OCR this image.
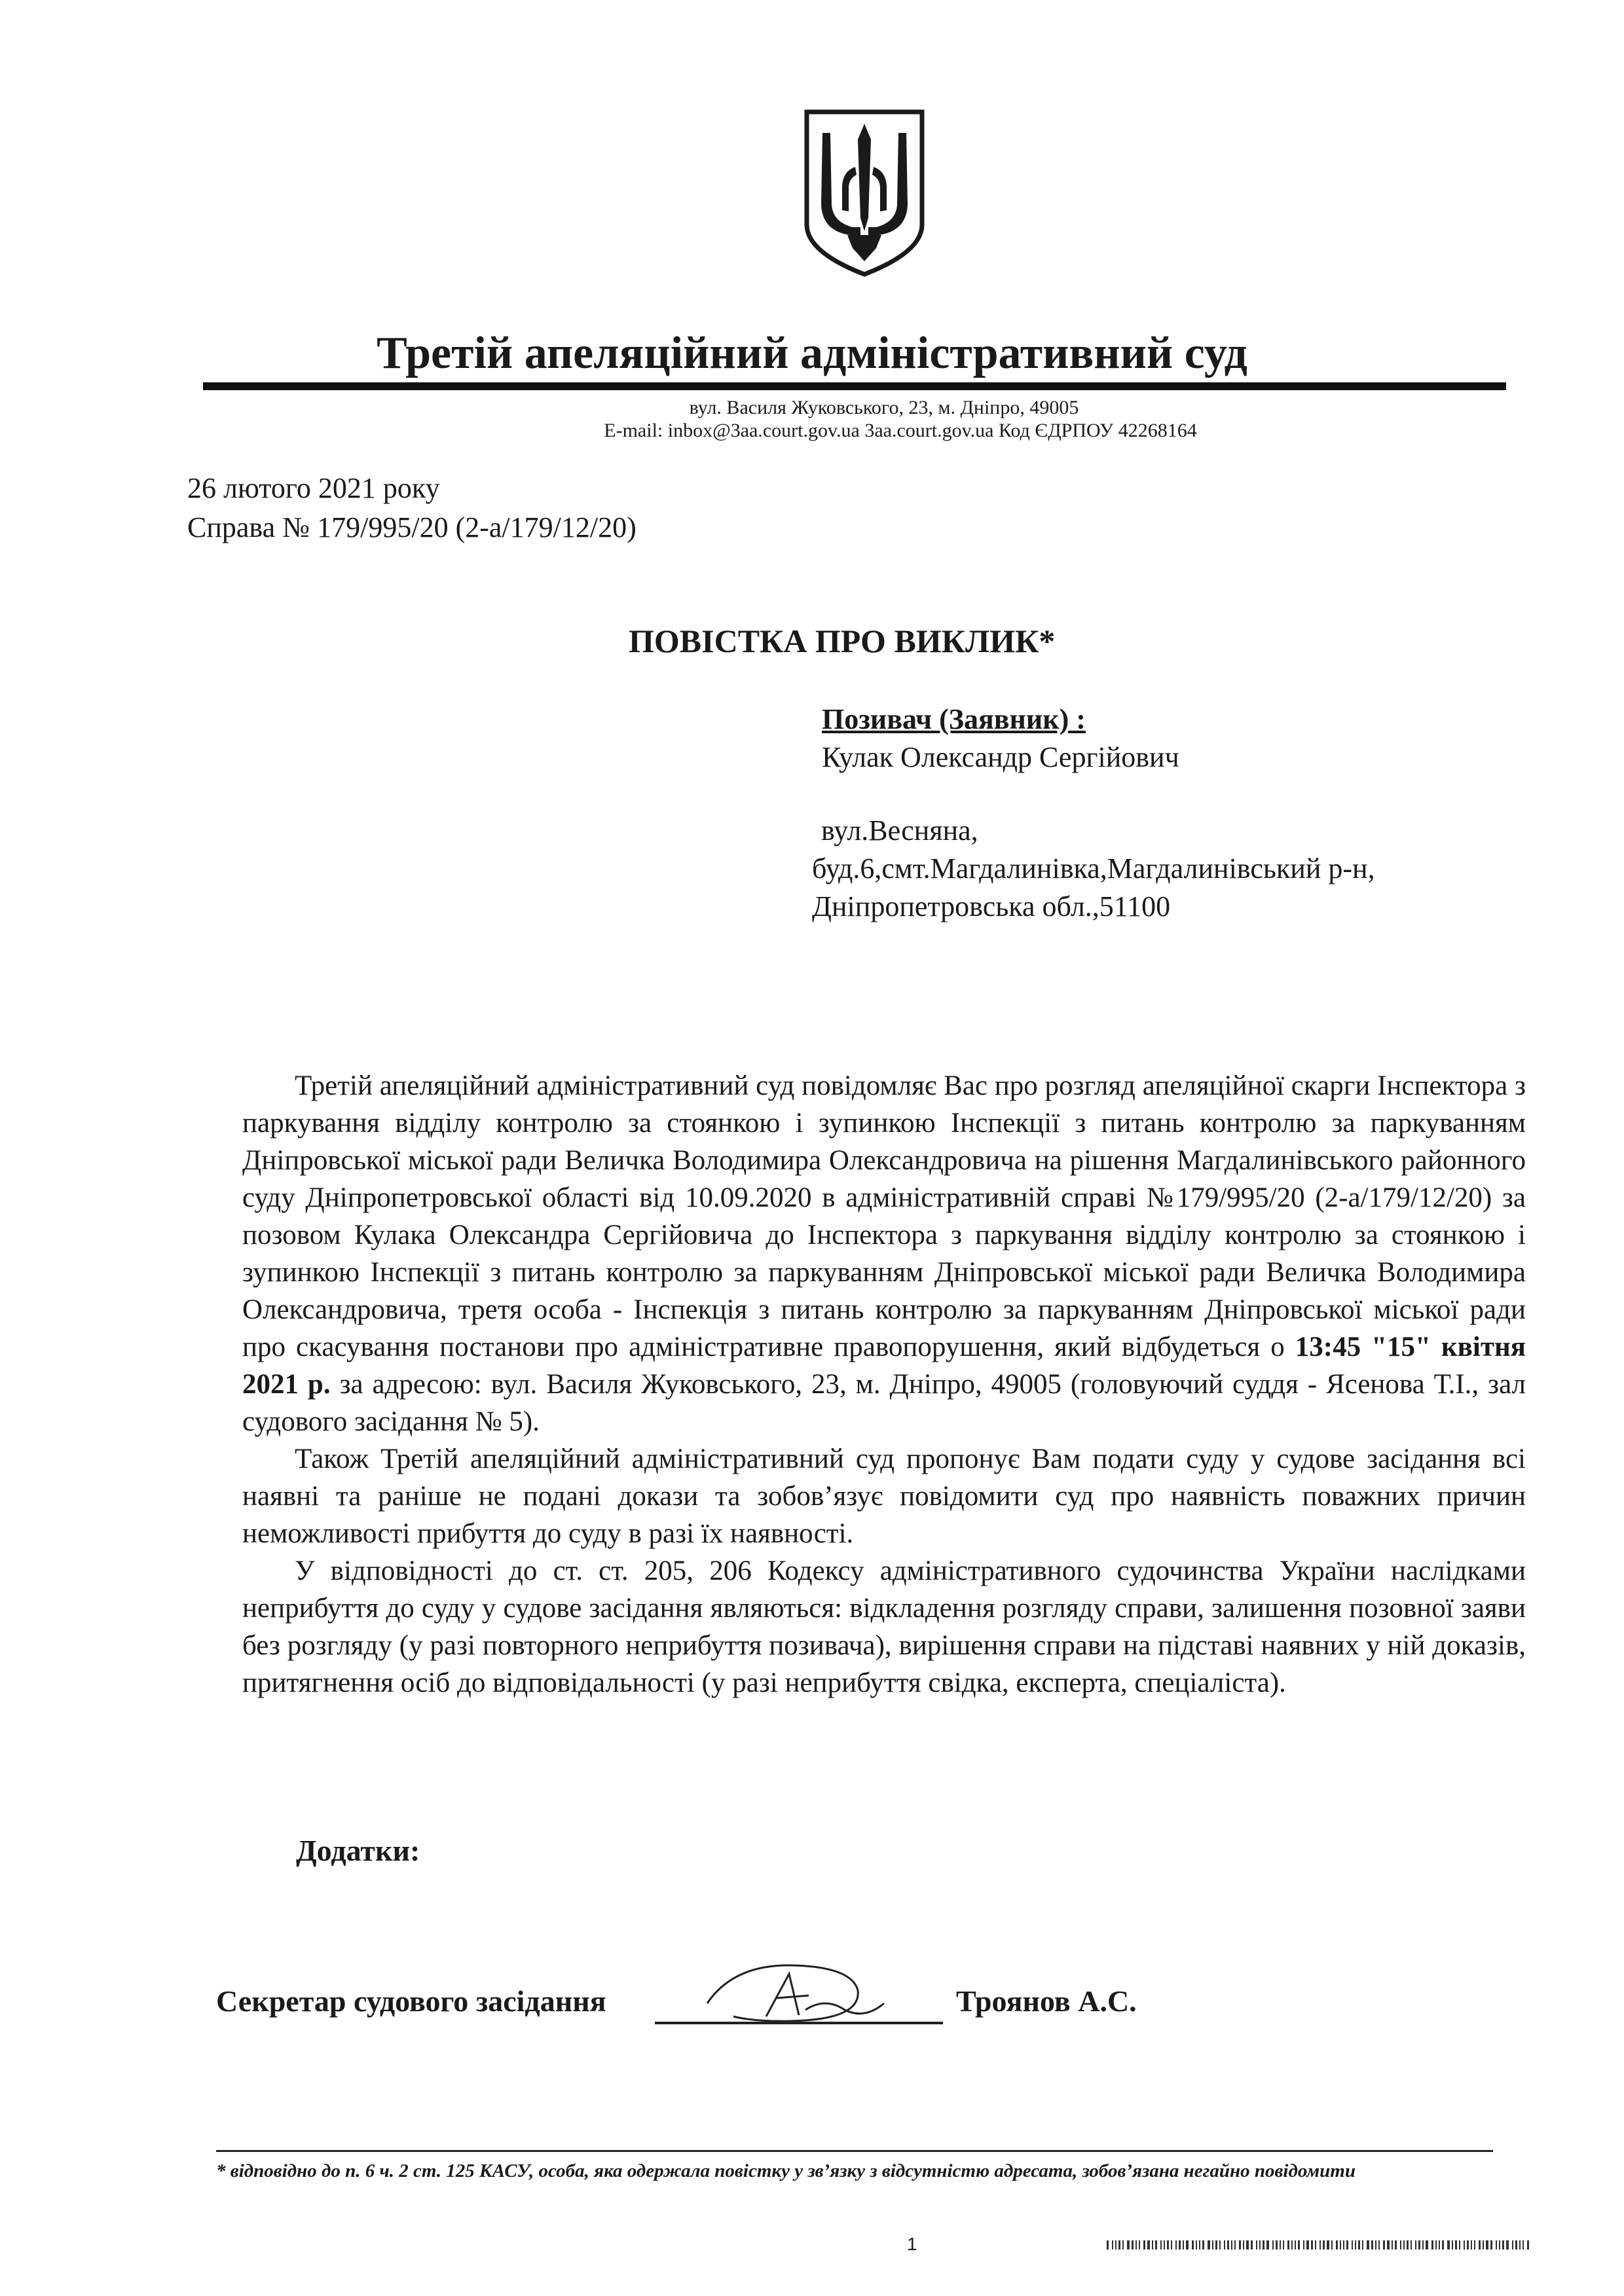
Третій апеляційний адміністративний суд
вул. Василя Жуковського, 23, м. Дніпро, 49005
E-mail: inbox@3aa.court.gov.ua 3aa.court.gov.ua Код ЄДРПОУ 42268164
26 лютого 2021 року
Справа № 179/995/20 (2-а/179/12/20)
ПОВІСТКА ПРО ВИКЛИК*
Позивач (Заявник) :
Кулак Олександр Сергійович
вул.Весняна,
буд.6,смт.Магдалинівка,Магдалинівський р-н,
Дніпропетровська обл.,51100

Третій апеляційний адміністративний суд повідомляє Вас про розгляд апеляційної скарги Інспектора з паркування відділу контролю за стоянкою і зупинкою Інспекції з питань контролю за паркуванням Дніпровської міської ради Величка Володимира Олександровича на рішення Магдалинівського районного суду Дніпропетровської області від 10.09.2020 в адміністративній справі №179/995/20 (2-а/179/12/20) за позовом Кулака Олександра Сергійовича до Інспектора з паркування відділу контролю за стоянкою і зупинкою Інспекції з питань контролю за паркуванням Дніпровської міської ради Величка Володимира Олександровича, третя особа - Інспекція з питань контролю за паркуванням Дніпровської міської ради про скасування постанови про адміністративне правопорушення, який відбудеться о 13:45 "15" квітня 2021 р. за адресою: вул. Василя Жуковського, 23, м. Дніпро, 49005 (головуючий суддя - Ясенова Т.І., зал судового засідання № 5).

Також Третій апеляційний адміністративний суд пропонує Вам подати суду у судове засідання всі наявні та раніше не подані докази та зобов’язує повідомити суд про наявність поважних причин неможливості прибуття до суду в разі їх наявності.

У відповідності до ст. ст. 205, 206 Кодексу адміністративного судочинства України наслідками неприбуття до суду у судове засідання являються: відкладення розгляду справи, залишення позовної заяви без розгляду (у разі повторного неприбуття позивача), вирішення справи на підставі наявних у ній доказів, притягнення осіб до відповідальності (у разі неприбуття свідка, експерта, спеціаліста).

Додатки:
Секретар судового засідання	Троянов А.С.
* відповідно до п. 6 ч. 2 ст. 125 КАСУ, особа, яка одержала повістку у зв’язку з відсутністю адресата, зобов’язана негайно повідомити
1
